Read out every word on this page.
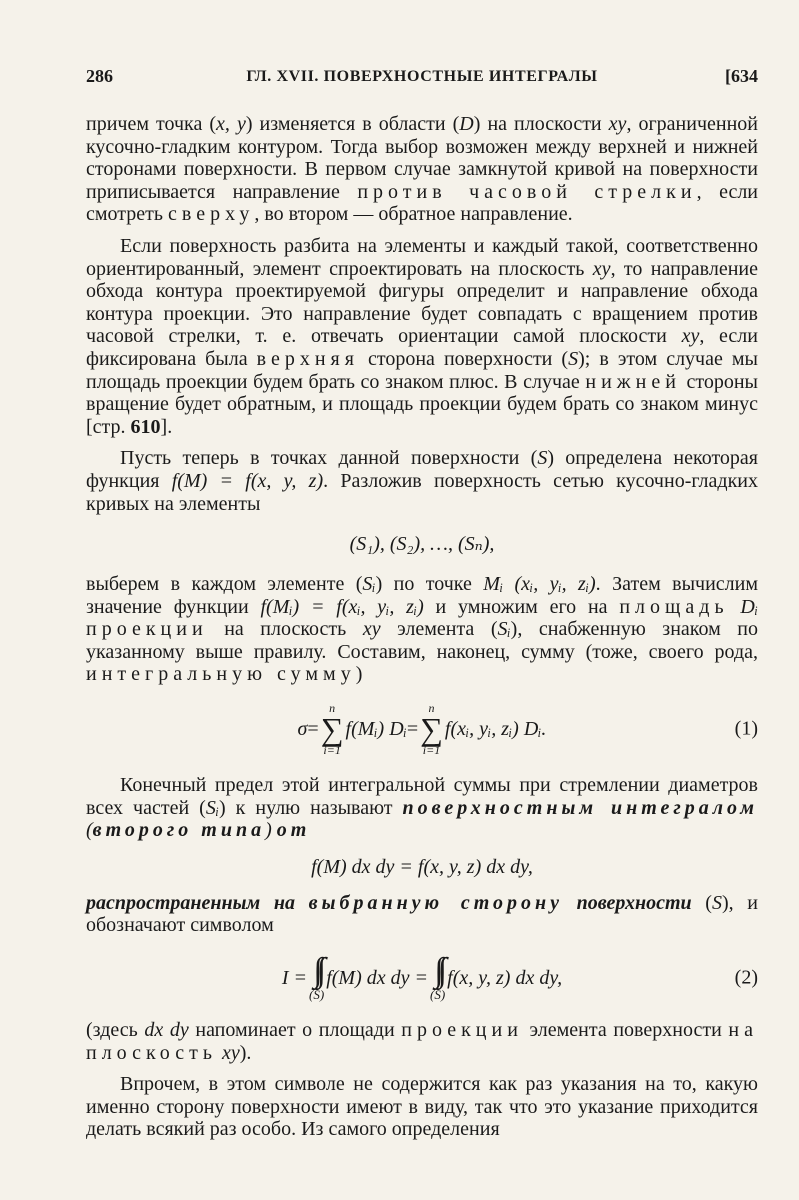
286	ГЛ. XVII. ПОВЕРХНОСТНЫЕ ИНТЕГРАЛЫ	[634

причем точка (x, y) изменяется в области (D) на плоскости xy, ограниченной кусочно-гладким контуром. Тогда выбор возможен между верхней и нижней сторонами поверхности. В первом случае замкнутой кривой на поверхности приписывается направление против часовой стрелки, если смотреть сверху, во втором — обратное направление.

Если поверхность разбита на элементы и каждый такой, соответственно ориентированный, элемент спроектировать на плоскость xy, то направление обхода контура проектируемой фигуры определит и направление обхода контура проекции. Это направление будет совпадать с вращением против часовой стрелки, т. е. отвечать ориентации самой плоскости xy, если фиксирована была верхняя сторона поверхности (S); в этом случае мы площадь проекции будем брать со знаком плюс. В случае нижней стороны вращение будет обратным, и площадь проекции будем брать со знаком минус [стр. 610].

Пусть теперь в точках данной поверхности (S) определена некоторая функция f(M) = f(x, y, z). Разложив поверхность сетью кусочно-гладких кривых на элементы

(S₁), (S₂), …, (Sₙ),

выберем в каждом элементе (Sᵢ) по точке Mᵢ (xᵢ, yᵢ, zᵢ). Затем вычислим значение функции f(Mᵢ) = f(xᵢ, yᵢ, zᵢ) и умножим его на площадь Dᵢ проекции на плоскость xy элемента (Sᵢ), снабженную знаком по указанному выше правилу. Составим, наконец, сумму (тоже, своего рода, интегральную сумму)

σ =
n
∑
i=1
f(Mᵢ) Dᵢ =
n
∑
i=1
f(xᵢ, yᵢ, zᵢ) Dᵢ.	(1)

Конечный предел этой интегральной суммы при стремлении диаметров всех частей (Sᵢ) к нулю называют поверхностным интегралом (второго типа) от

f(M) dx dy = f(x, y, z) dx dy,

распространенным на выбранную сторону поверхности (S), и обозначают символом

I = ∫∫
(S)
f(M) dx dy = ∫∫
(S)
f(x, y, z) dx dy,	(2)

(здесь dx dy напоминает о площади проекции элемента поверхности на плоскость xy).

Впрочем, в этом символе не содержится как раз указания на то, какую именно сторону поверхности имеют в виду, так что это указание приходится делать всякий раз особо. Из самого определения
